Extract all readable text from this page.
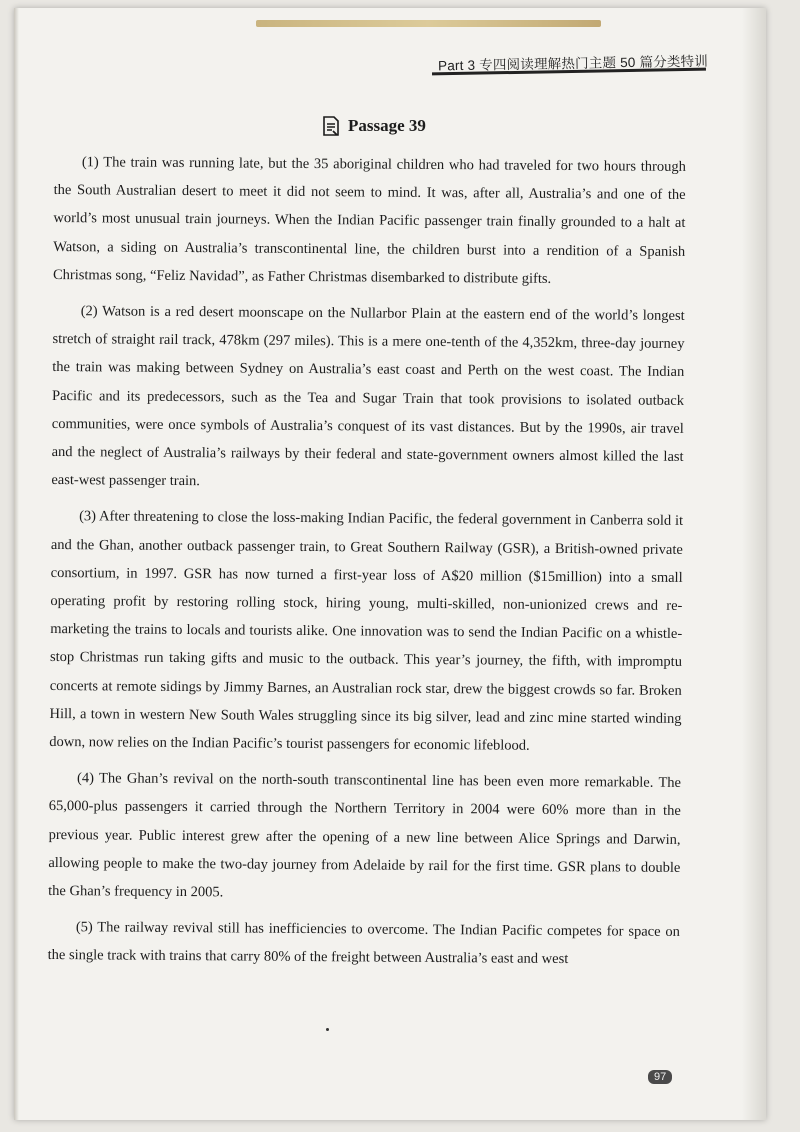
Part 3 专四阅读理解热门主题 50 篇分类特训
Passage 39

(1) The train was running late, but the 35 aboriginal children who had traveled for two hours through the South Australian desert to meet it did not seem to mind. It was, after all, Australia’s and one of the world’s most unusual train journeys. When the Indian Pacific passenger train finally grounded to a halt at Watson, a siding on Australia’s transcontinental line, the children burst into a rendition of a Spanish Christmas song, “Feliz Navidad”, as Father Christmas disembarked to distribute gifts.

(2) Watson is a red desert moonscape on the Nullarbor Plain at the eastern end of the world’s longest stretch of straight rail track, 478km (297 miles). This is a mere one-tenth of the 4,352km, three-day journey the train was making between Sydney on Australia’s east coast and Perth on the west coast. The Indian Pacific and its predecessors, such as the Tea and Sugar Train that took provisions to isolated outback communities, were once symbols of Australia’s conquest of its vast distances. But by the 1990s, air travel and the neglect of Australia’s railways by their federal and state-government owners almost killed the last east-west passenger train.

(3) After threatening to close the loss-making Indian Pacific, the federal government in Canberra sold it and the Ghan, another outback passenger train, to Great Southern Railway (GSR), a British-owned private consortium, in 1997. GSR has now turned a first-year loss of A$20 million ($15million) into a small operating profit by restoring rolling stock, hiring young, multi-skilled, non-unionized crews and re-marketing the trains to locals and tourists alike. One innovation was to send the Indian Pacific on a whistle-stop Christmas run taking gifts and music to the outback. This year’s journey, the fifth, with impromptu concerts at remote sidings by Jimmy Barnes, an Australian rock star, drew the biggest crowds so far. Broken Hill, a town in western New South Wales struggling since its big silver, lead and zinc mine started winding down, now relies on the Indian Pacific’s tourist passengers for economic lifeblood.

(4) The Ghan’s revival on the north-south transcontinental line has been even more remarkable. The 65,000-plus passengers it carried through the Northern Territory in 2004 were 60% more than in the previous year. Public interest grew after the opening of a new line between Alice Springs and Darwin, allowing people to make the two-day journey from Adelaide by rail for the first time. GSR plans to double the Ghan’s frequency in 2005.

(5) The railway revival still has inefficiencies to overcome. The Indian Pacific competes for space on the single track with trains that carry 80% of the freight between Australia’s east and west

97
